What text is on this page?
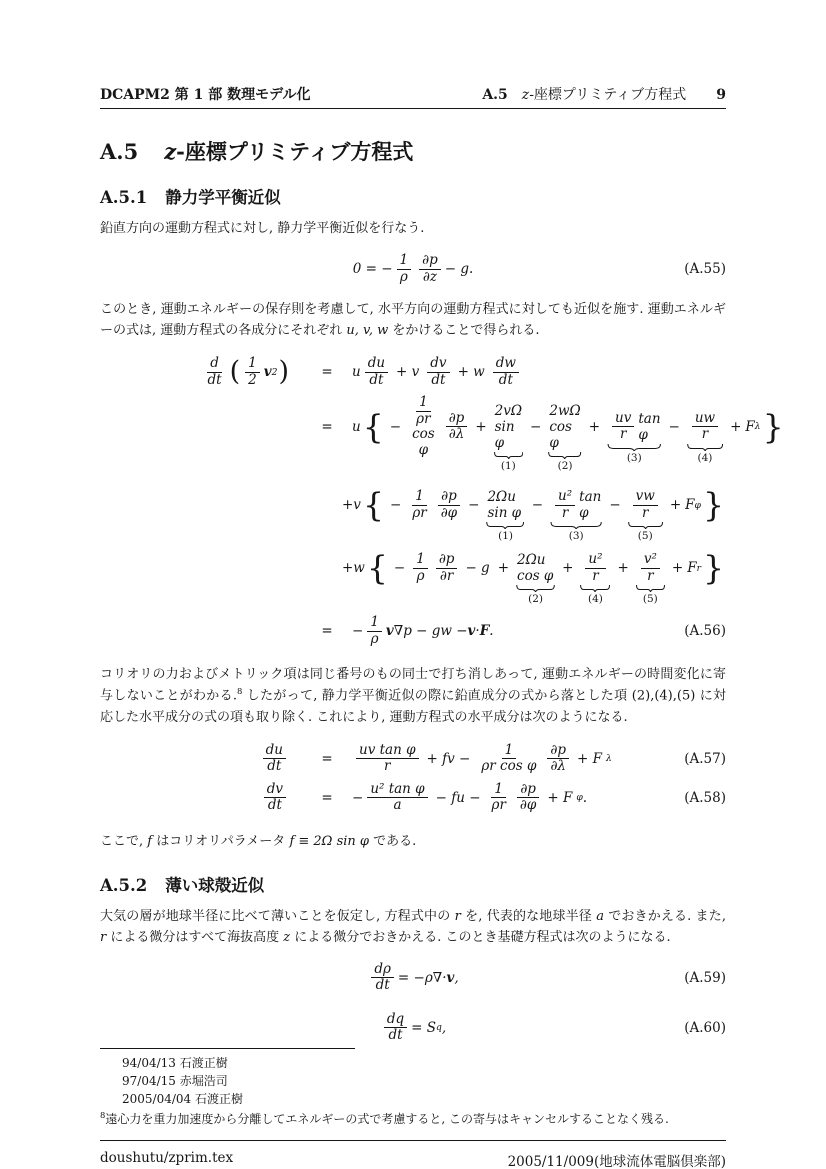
DCAPM2 第 1 部 数理モデル化	A.5 z-座標プリミティブ方程式 9
A.5 z-座標プリミティブ方程式
A.5.1 静力学平衡近似

鉛直方向の運動方程式に対し, 静力学平衡近似を行なう.

0 = − $\frac{1}{\rho} \frac{\partial p}{\partial z} - g$.	(A.55)

このとき, 運動エネルギーの保存則を考慮して, 水平方向の運動方程式に対しても近似を施す. 運動エネルギーの式は, 運動方程式の各成分にそれぞれ u, v, w をかけることで得られる.

$\frac{d}{dt}$ ( $\frac{1}{2}$ v 2 )	=	u $\frac{du}{dt} + v \frac{dv}{dt} + w \frac{dw}{dt}$
=	u { − $\frac{1}{\text{ρr cos φ}} \frac{\partial p}{\partial\lambda}$ +
2vΩ sin φ
(1)
−
2wΩ cos φ
(2)
+ $\frac{uv}{r}$ tan φ
(3)
− $\frac{uw}{r}$
(4)
+ F λ }
+v { − $\frac{1}{\rho r} \frac{\partial p}{\partial\varphi} - 2\Omega u$ sin φ
(1)
− $\frac{\text{u²}}{r}$ tan φ
(3)
− $\frac{vw}{r}$
(5)
+ F φ }
+w { − $\frac{1}{\rho} \frac{\partial p}{\partial r} - g + 2\Omega u$ cos φ
(2)
+ $\frac{\text{u²}}{r}$
(4)
+ $\frac{\text{v²}}{r}$
(5)
+ F r }
=	− $\frac{1}{\rho}$ v ∇p − gw − v · F .	(A.56)

コリオリの力およびメトリック項は同じ番号のもの同士で打ち消しあって, 運動エネルギーの時間変化に寄与しないことがわかる.$^8$ したがって, 静力学平衡近似の際に鉛直成分の式から落とした項 (2),(4),(5) に対応した水平成分の式の項も取り除く. これにより, 運動方程式の水平成分は次のようになる.

$\frac{du}{dt}$	=	$\frac{\text{uv tan φ}}{r}$ + fv − $\frac{1}{\text{ρr cos φ}} \frac{\partial p}{\partial\lambda} + F$ λ	(A.57)
$\frac{dv}{dt}$	=	− $\frac{\text{u² tan φ}}{a}$ − fu − $\frac{1}{\rho r} \frac{\partial p}{\partial\varphi} + F$ φ .	(A.58)

ここで, f はコリオリパラメータ f ≡ 2Ω sin φ である.

A.5.2 薄い球殻近似

大気の層が地球半径に比べて薄いことを仮定し, 方程式中の r を, 代表的な地球半径 a でおきかえる. また, r による微分はすべて海抜高度 z による微分でおきかえる. このとき基礎方程式は次のようになる.

$\frac{d\rho}{dt} = -\rho\nabla\cdot v$ ,	(A.59)
$\frac{dq}{dt} = S$ q ,	(A.60)
94/04/13 石渡正樹
97/04/15 赤堀浩司
2005/04/04 石渡正樹
$^8$遠心力を重力加速度から分離してエネルギーの式で考慮すると, この寄与はキャンセルすることなく残る.
doushutu/zprim.tex	2005/11/009(地球流体電脳倶楽部)
